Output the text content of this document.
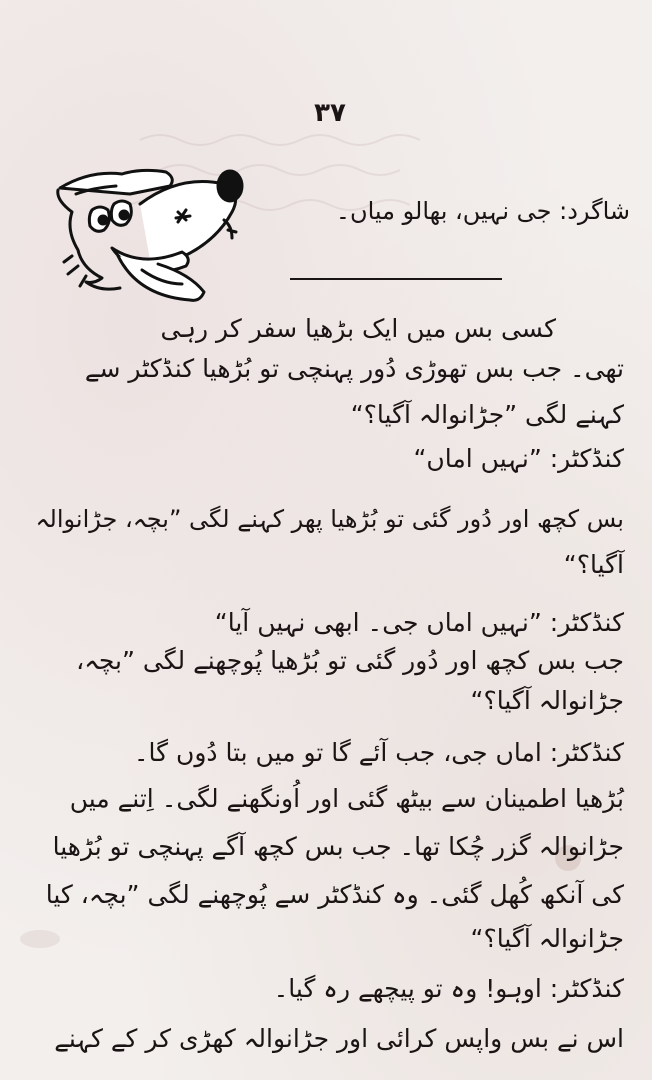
۳۷
شاگرد: جی نہیں، بھالو میاں۔
کسی بس میں ایک بڑھیا سفر کر رہی
تھی۔ جب بس تھوڑی دُور پہنچی تو بُڑھیا کنڈکٹر سے
کہنے لگی ”جڑانوالہ آگیا؟“
کنڈکٹر: ”نہیں اماں“
بس کچھ اور دُور گئی تو بُڑھیا پھر کہنے لگی ”بچہ، جڑانوالہ
آگیا؟“
کنڈکٹر: ”نہیں اماں جی۔ ابھی نہیں آیا“
جب بس کچھ اور دُور گئی تو بُڑھیا پُوچھنے لگی ”بچہ،
جڑانوالہ آگیا؟“
کنڈکٹر: اماں جی، جب آئے گا تو میں بتا دُوں گا۔
بُڑھیا اطمینان سے بیٹھ گئی اور اُونگھنے لگی۔ اِتنے میں
جڑانوالہ گزر چُکا تھا۔ جب بس کچھ آگے پہنچی تو بُڑھیا
کی آنکھ کُھل گئی۔ وہ کنڈکٹر سے پُوچھنے لگی ”بچہ، کیا
جڑانوالہ آگیا؟“
کنڈکٹر: اوہو! وہ تو پیچھے رہ گیا۔
اس نے بس واپس کرائی اور جڑانوالہ کھڑی کر کے کہنے
